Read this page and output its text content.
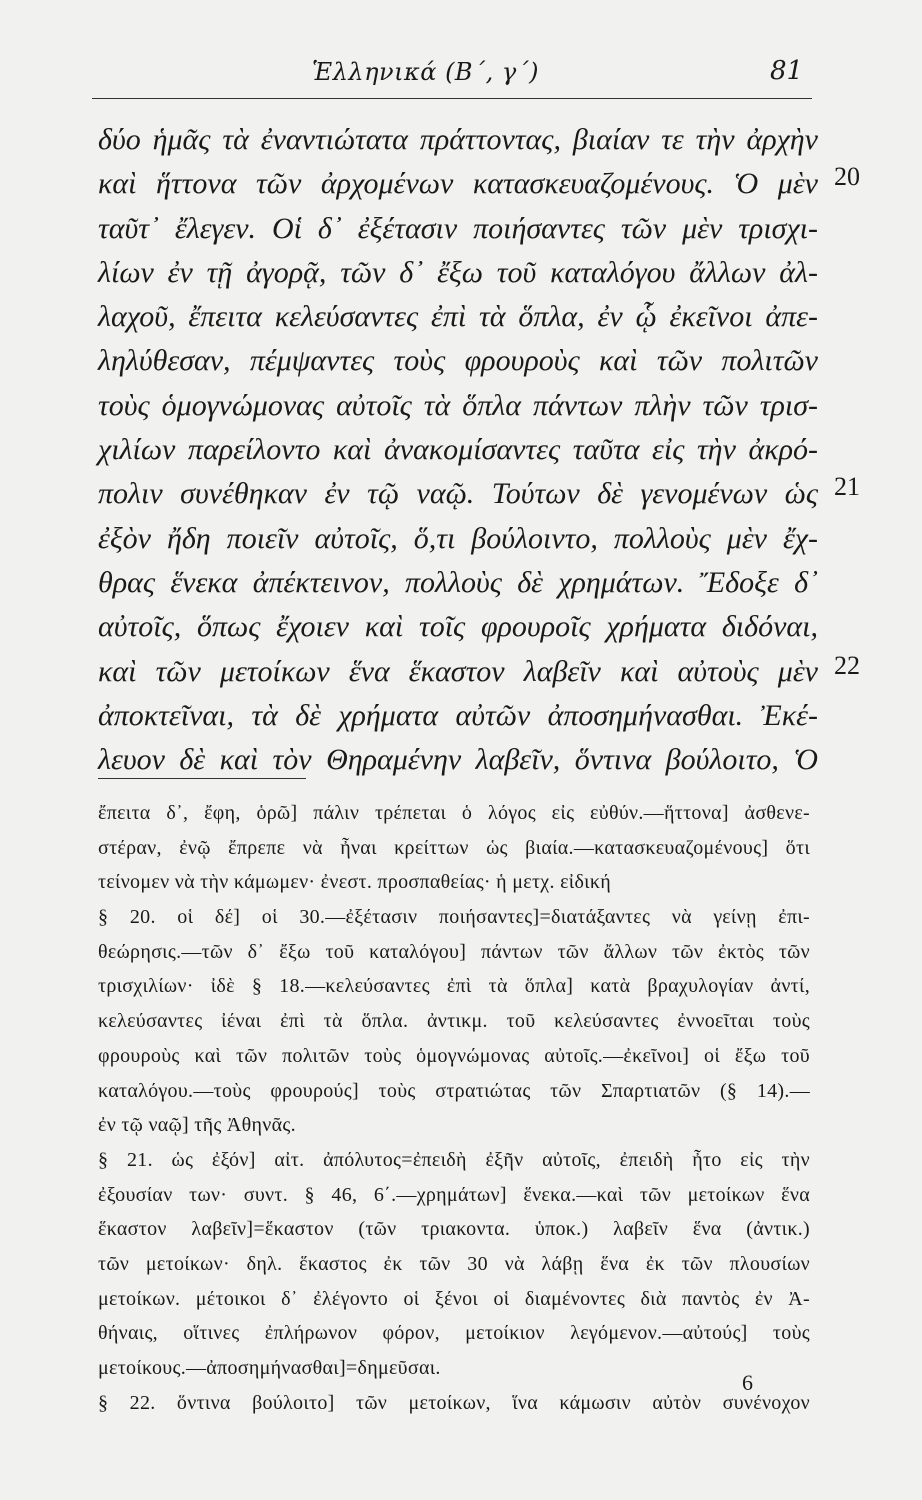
Ἑλληνικά (Β΄, γ΄)	81
δύο ἡμᾶς τὰ ἐναντιώτατα πράττοντας, βιαίαν τε τὴν ἀρχὴν
καὶ ἥττονα τῶν ἀρχομένων κατασκευαζομένους. Ὁ μὲν
ταῦτ᾽ ἔλεγεν. Οἱ δ᾽ ἐξέτασιν ποιήσαντες τῶν μὲν τρισχι-
λίων ἐν τῇ ἀγορᾷ, τῶν δ᾽ ἔξω τοῦ καταλόγου ἄλλων ἀλ-
λαχοῦ, ἔπειτα κελεύσαντες ἐπὶ τὰ ὅπλα, ἐν ᾧ ἐκεῖνοι ἀπε-
ληλύθεσαν, πέμψαντες τοὺς φρουροὺς καὶ τῶν πολιτῶν
τοὺς ὁμογνώμονας αὐτοῖς τὰ ὅπλα πάντων πλὴν τῶν τρισ-
χιλίων παρείλοντο καὶ ἀνακομίσαντες ταῦτα εἰς τὴν ἀκρό-
πολιν συνέθηκαν ἐν τῷ ναῷ. Τούτων δὲ γενομένων ὡς
ἐξὸν ἤδη ποιεῖν αὐτοῖς, ὅ,τι βούλοιντο, πολλοὺς μὲν ἔχ-
θρας ἕνεκα ἀπέκτεινον, πολλοὺς δὲ χρημάτων. Ἔδοξε δ᾽
αὐτοῖς, ὅπως ἔχοιεν καὶ τοῖς φρουροῖς χρήματα διδόναι,
καὶ τῶν μετοίκων ἕνα ἕκαστον λαβεῖν καὶ αὐτοὺς μὲν
ἀποκτεῖναι, τὰ δὲ χρήματα αὐτῶν ἀποσημήνασθαι. Ἐκέ-
λευον δὲ καὶ τὸν Θηραμένην λαβεῖν, ὅντινα βούλοιτο, Ὁ
20
21
22
ἔπειτα δ᾽, ἔφη, ὁρῶ] πάλιν τρέπεται ὁ λόγος εἰς εὐθύν.—ἥττονα] ἀσθενε-
στέραν, ἐνῷ ἔπρεπε νὰ ἦναι κρείττων ὡς βιαία.—κατασκευαζομένους] ὅτι
τείνομεν νὰ τὴν κάμωμεν· ἐνεστ. προσπαθείας· ἡ μετχ. εἰδική
§ 20. οἱ δέ] οἱ 30.—ἐξέτασιν ποιήσαντες]=διατάξαντες νὰ γείνῃ ἐπι-
θεώρησις.—τῶν δ᾽ ἔξω τοῦ καταλόγου] πάντων τῶν ἄλλων τῶν ἐκτὸς τῶν
τρισχιλίων· ἰδὲ § 18.—κελεύσαντες ἐπὶ τὰ ὅπλα] κατὰ βραχυλογίαν ἀντί,
κελεύσαντες ἰέναι ἐπὶ τὰ ὅπλα. ἀντικμ. τοῦ κελεύσαντες ἐννοεῖται τοὺς
φρουροὺς καὶ τῶν πολιτῶν τοὺς ὁμογνώμονας αὐτοῖς.—ἐκεῖνοι] οἱ ἔξω τοῦ
καταλόγου.—τοὺς φρουρούς] τοὺς στρατιώτας τῶν Σπαρτιατῶν (§ 14).—
ἐν τῷ ναῷ] τῆς Ἀθηνᾶς.
§ 21. ὡς ἐξόν] αἰτ. ἀπόλυτος=ἐπειδὴ ἐξῆν αὐτοῖς, ἐπειδὴ ἦτο εἰς τὴν
ἐξουσίαν των· συντ. § 46, 6΄.—χρημάτων] ἕνεκα.—καὶ τῶν μετοίκων ἕνα
ἕκαστον λαβεῖν]=ἕκαστον (τῶν τριακοντα. ὑποκ.) λαβεῖν ἕνα (ἀντικ.)
τῶν μετοίκων· δηλ. ἕκαστος ἐκ τῶν 30 νὰ λάβῃ ἕνα ἐκ τῶν πλουσίων
μετοίκων. μέτοικοι δ᾽ ἐλέγοντο οἱ ξένοι οἱ διαμένοντες διὰ παντὸς ἐν Ἀ-
θήναις, οἵτινες ἐπλήρωνον φόρον, μετοίκιον λεγόμενον.—αὐτούς] τοὺς
μετοίκους.—ἀποσημήνασθαι]=δημεῦσαι.
§ 22. ὅντινα βούλοιτο] τῶν μετοίκων, ἵνα κάμωσιν αὐτὸν συνένοχον
6
